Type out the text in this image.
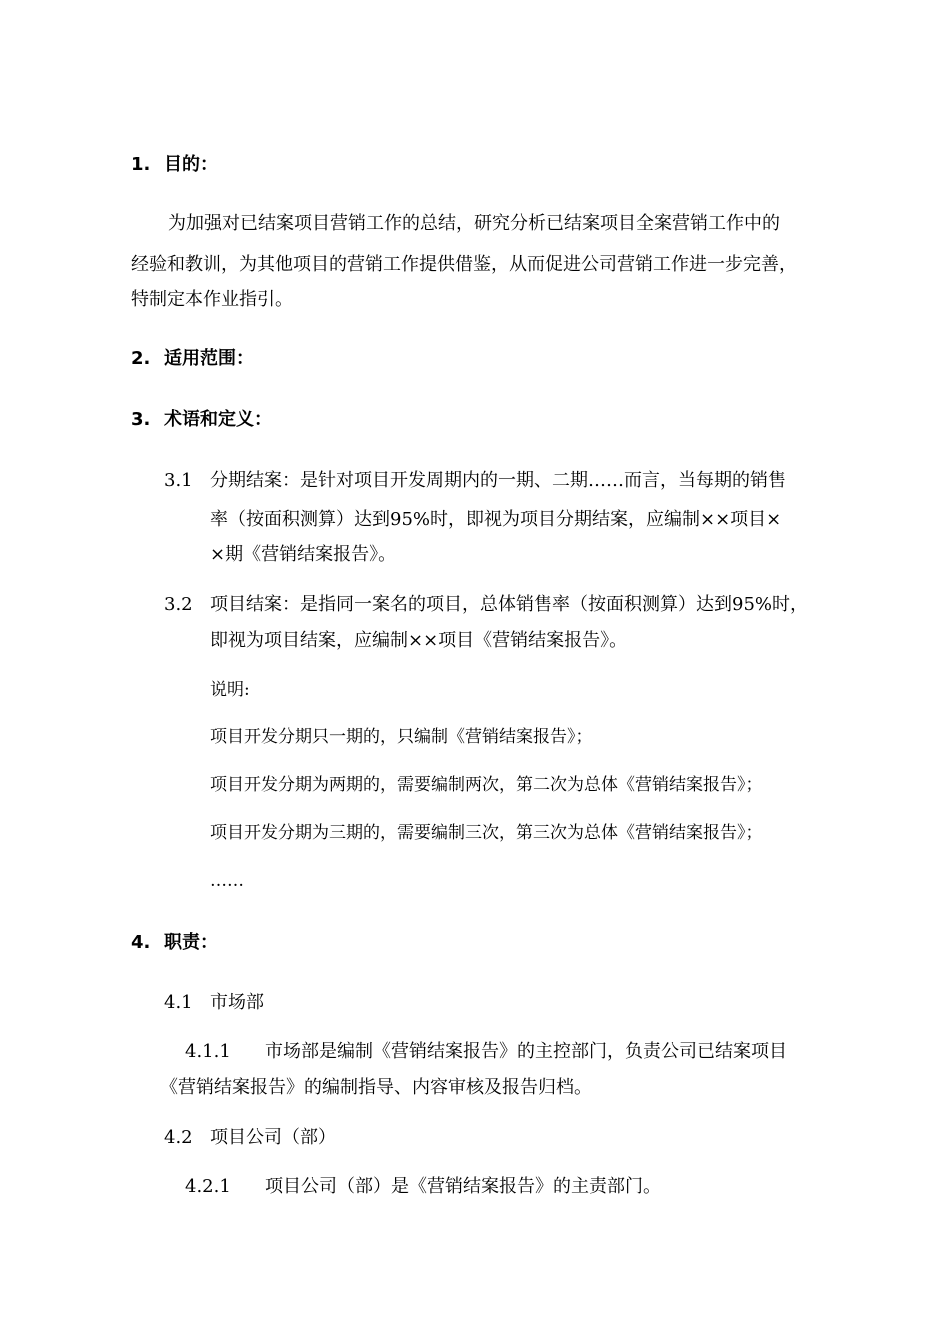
1. 目的：
为加强对已结案项目营销工作的总结，研究分析已结案项目全案营销工作中的
经验和教训，为其他项目的营销工作提供借鉴，从而促进公司营销工作进一步完善，
特制定本作业指引。
2. 适用范围：
3. 术语和定义：
3.1 分期结案：是针对项目开发周期内的一期、二期……而言，当每期的销售
率（按面积测算）达到95%时，即视为项目分期结案，应编制××项目×
×期《营销结案报告》。
3.2 项目结案：是指同一案名的项目，总体销售率（按面积测算）达到95%时，
即视为项目结案，应编制××项目《营销结案报告》。
说明:
项目开发分期只一期的，只编制《营销结案报告》；
项目开发分期为两期的，需要编制两次，第二次为总体《营销结案报告》；
项目开发分期为三期的，需要编制三次，第三次为总体《营销结案报告》；
……
4. 职责：
4.1 市场部
4.1.1 市场部是编制《营销结案报告》的主控部门，负责公司已结案项目
《营销结案报告》的编制指导、内容审核及报告归档。
4.2 项目公司（部）
4.2.1 项目公司（部）是《营销结案报告》的主责部门。
